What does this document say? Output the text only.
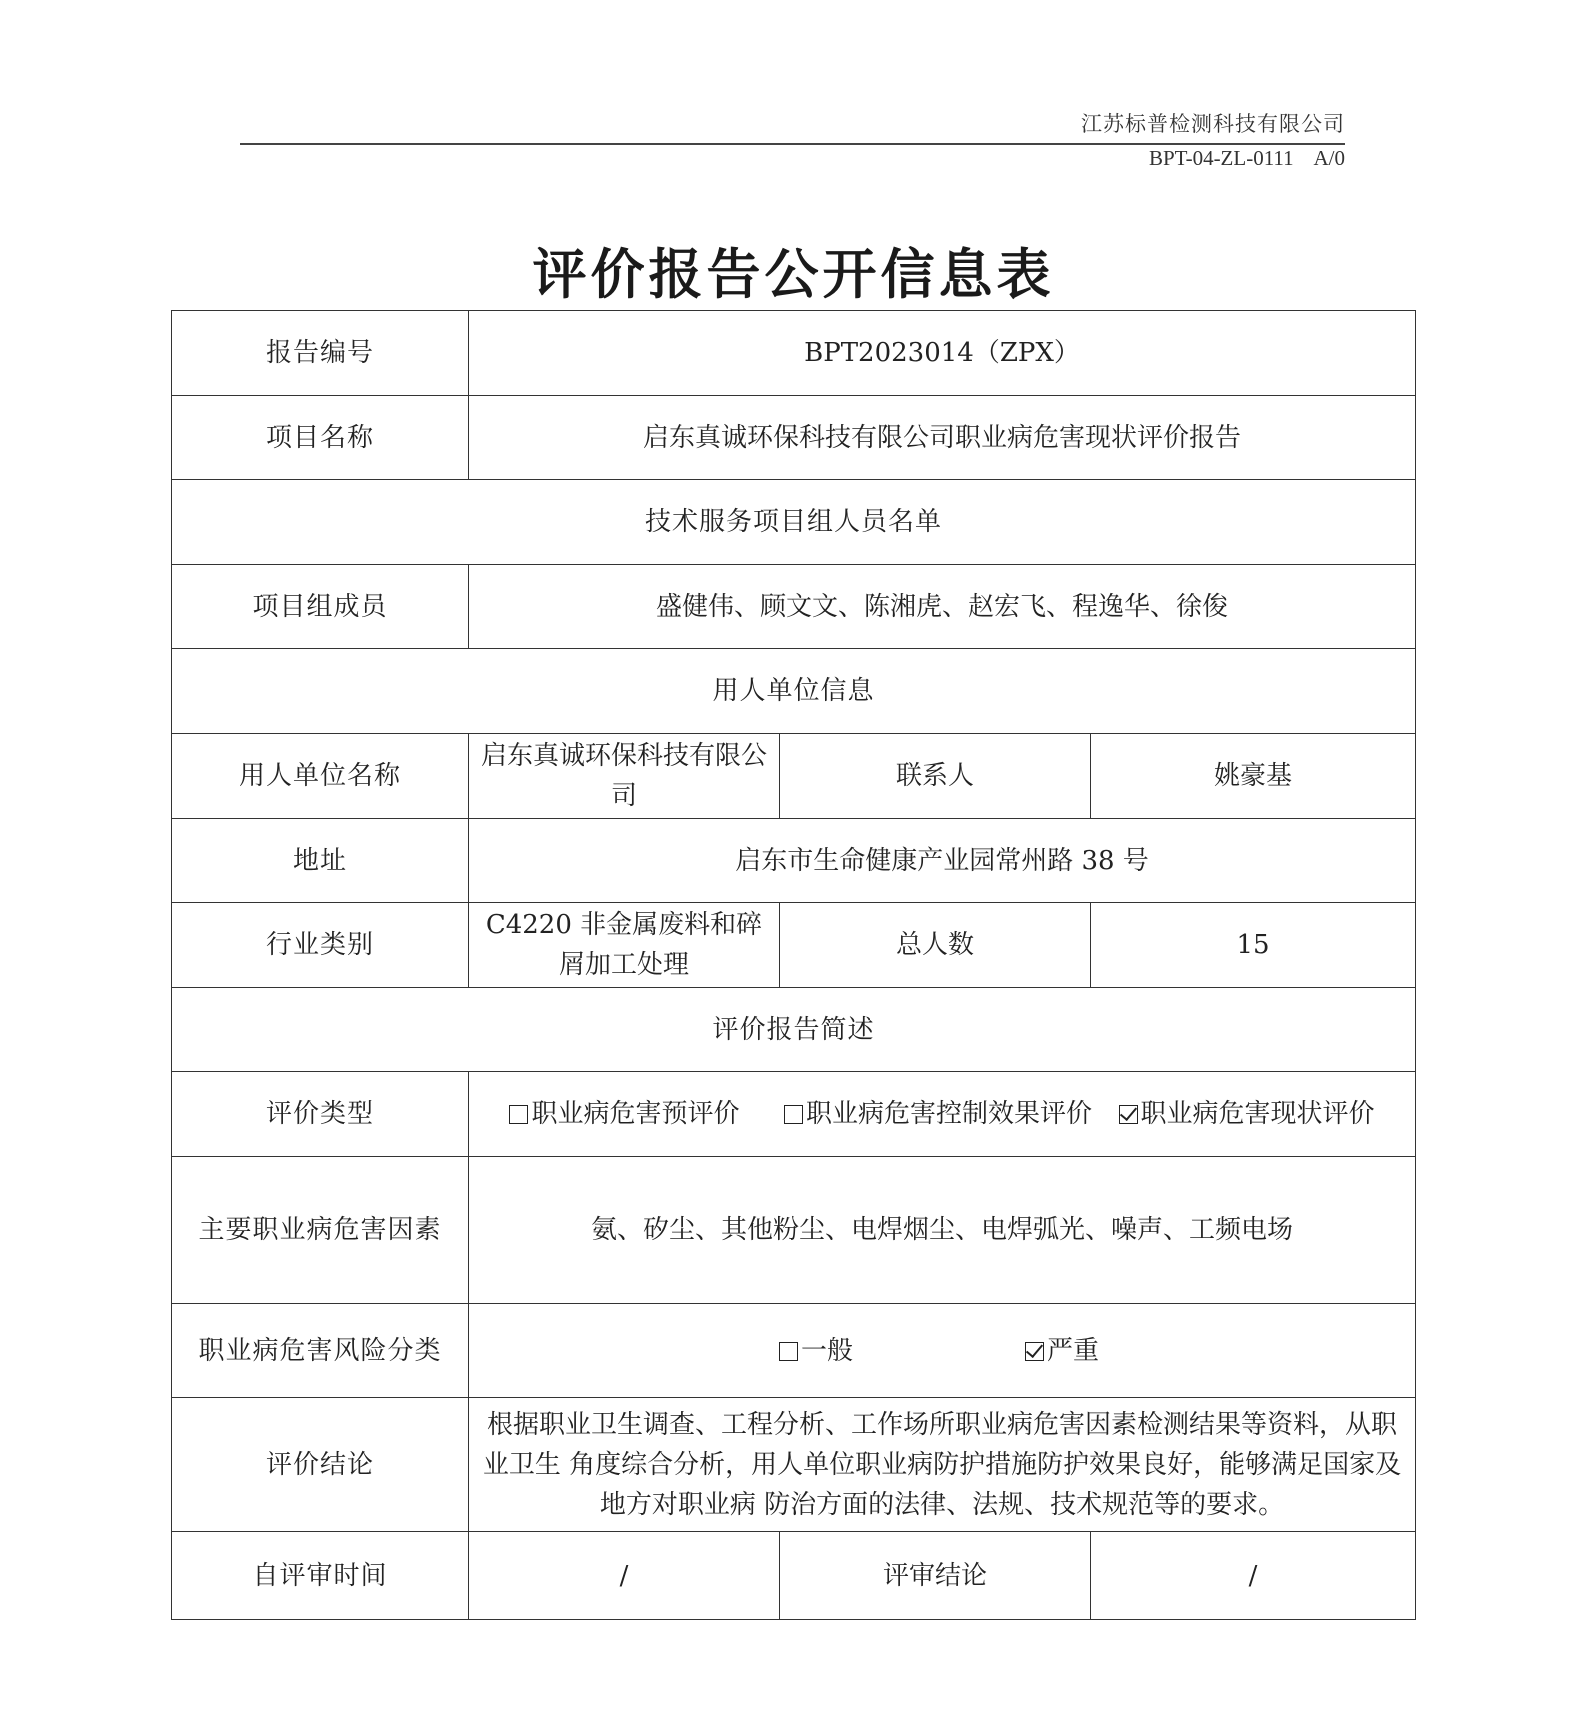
江苏标普检测科技有限公司
BPT-04-ZL-0111    A/0
评价报告公开信息表
报告编号	BPT2023014（ZPX）		
项目名称	启东真诚环保科技有限公司职业病危害现状评价报告		
技术服务项目组人员名单			
项目组成员	盛健伟、顾文文、陈湘虎、赵宏飞、程逸华、徐俊		
用人单位信息			
用人单位名称	启东真诚环保科技有限公司	联系人	姚豪基
地址	启东市生命健康产业园常州路 38 号		
行业类别	C4220 非金属废料和碎屑加工处理	总人数	15
评价报告简述			
评价类型	职业病危害预评价 职业病危害控制效果评价 职业病危害现状评价		
主要职业病危害因素	氨、矽尘、其他粉尘、电焊烟尘、电焊弧光、噪声、工频电场		
职业病危害风险分类	一般 严重		

评价结论	根据职业卫生调查、工程分析、工作场所职业病危害因素检测结果等资料，从职业卫生 角度综合分析，用人单位职业病防护措施防护效果良好，能够满足国家及地方对职业病 防治方面的法律、法规、技术规范等的要求。		
自评审时间	/	评审结论	/
